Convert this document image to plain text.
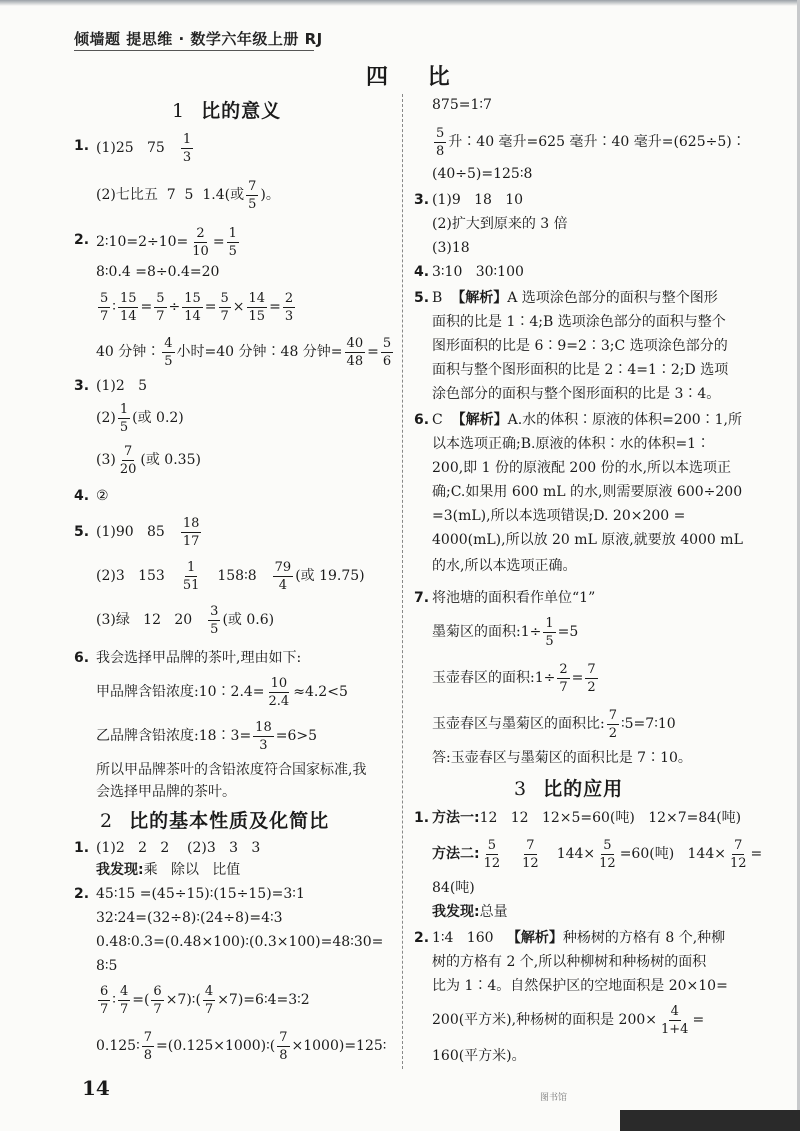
倾​墙题 提思维 · 数学六年级上册 RJ
四 比
1 比的意义
1. (1)25   $75 \frac{1}{3}$
(2)七比五  7  5  1.4(或 $\frac{7}{5}$ )。
2. 2∶10=2÷10= $\frac{2}{10} = \frac{1}{5}$
8∶0.4 =8÷0.4=20
$\frac{5}{7}$ ∶ $\frac{15}{14} = \frac{5}{7} \div \frac{15}{14} = \frac{5}{7} \times \frac{14}{15} = \frac{2}{3}$
40 分钟∶ $\frac{4}{5}$ 小时=40 分钟∶48 分钟= $\frac{40}{48} = \frac{5}{6}$
3. (1)2   5
$(2) \frac{1}{5}$ (或 0.2)
$(3) \frac{7}{20}$ (或 0.35)
4. ②
5. (1)90   $85 \frac{18}{17}$
(2)3   $153 \frac{1}{51}$ 158∶8 $\frac{79}{4}$ (或 19.75)
(3)绿   12   $20 \frac{3}{5}$ (或 0.6)
6. 我会选择甲品牌的茶叶,理由如下:
甲品牌含铅浓度:10∶2.4= $\frac{10}{2.4} \approx 4.2<5$
乙品牌含铅浓度:18∶3= $\frac{18}{3} =6>5$
所以甲品牌茶叶的含铅浓度符合国家标准,我
会选择甲品牌的茶叶。
2 比的基本性质及化简比
1. (1)2   2   2    (2)3   3   3
我发现: 乘   除以   比值
2. 45∶15 =(45÷15)∶(15÷15)=3∶1
32∶24=(32÷8)∶(24÷8)=4∶3
0.48∶0.3=(0.48×100)∶(0.3×100)=48∶30=
8∶5
$\frac{6}{7}$ ∶ $\frac{4}{7}$ =( $\frac{6}{7}$ ×7)∶( $\frac{4}{7}$ ×7)=6∶4=3∶2
0.125∶ $\frac{7}{8}$ =(0.125×1000)∶( $\frac{7}{8}$ ×1000)=125∶
875=1∶7
$\frac{5}{8}$ 升∶40 毫升=625 毫升∶40 毫升=(625÷5)∶
(40÷5)=125∶8
3. (1)9   18   10
(2)扩大到原来的 3 倍
(3)18
4. 3∶10   30∶100
5. B 【解析】 A 选项涂色部分的面积与整个图形
面积的比是 1∶4;B 选项涂色部分的面积与整个
图形面积的比是 6∶9=2∶3;C 选项涂色部分的
面积与整个图形面积的比是 2∶4=1∶2;D 选项
涂色部分的面积与整个图形面积的比是 3∶4。
6. C 【解析】 A.水的体积∶原液的体积=200∶1,所
以本选项正确;B.原液的体积∶水的体积=1∶
200,即 1 份的原液配 200 份的水,所以本选项正
确;C.如果用 600 mL 的水,则需要原液 600÷200
=3(mL),所以本选项错误;D. 20×200 =
4000(mL),所以放 20 mL 原液,就要放 4000 mL
的水,所以本选项正确。
7. 将池塘的面积看作单位“1”
墨菊区的面积:1÷ $\frac{1}{5} =5$
玉壶春区的面积:1÷ $\frac{2}{7} = \frac{7}{2}$
玉壶春区与墨菊区的面积比: $\frac{7}{2}$ ∶5=7∶10
答:玉壶春区与墨菊区的面积比是 7∶10。
3 比的应用
1. 方法一: 12   12   12×5=60(吨)   12×7=84(吨)
方法二: $\frac{5}{12} \frac{7}{12} 144\times \frac{5}{12} =60$(吨)   $144\times \frac{7}{12}$ =
84(吨)
我发现: 总量
2. 1∶4   160 【解析】 种杨树的方格有 8 个,种柳
树的方格有 2 个,所以种柳树和种杨树的面积
比为 1∶4。自然保护区的空地面积是 20×10=
200(平方米),种杨树的面积是 $200\times \frac{4}{1+4}$ =
160(平方米)。
14	图书馆
